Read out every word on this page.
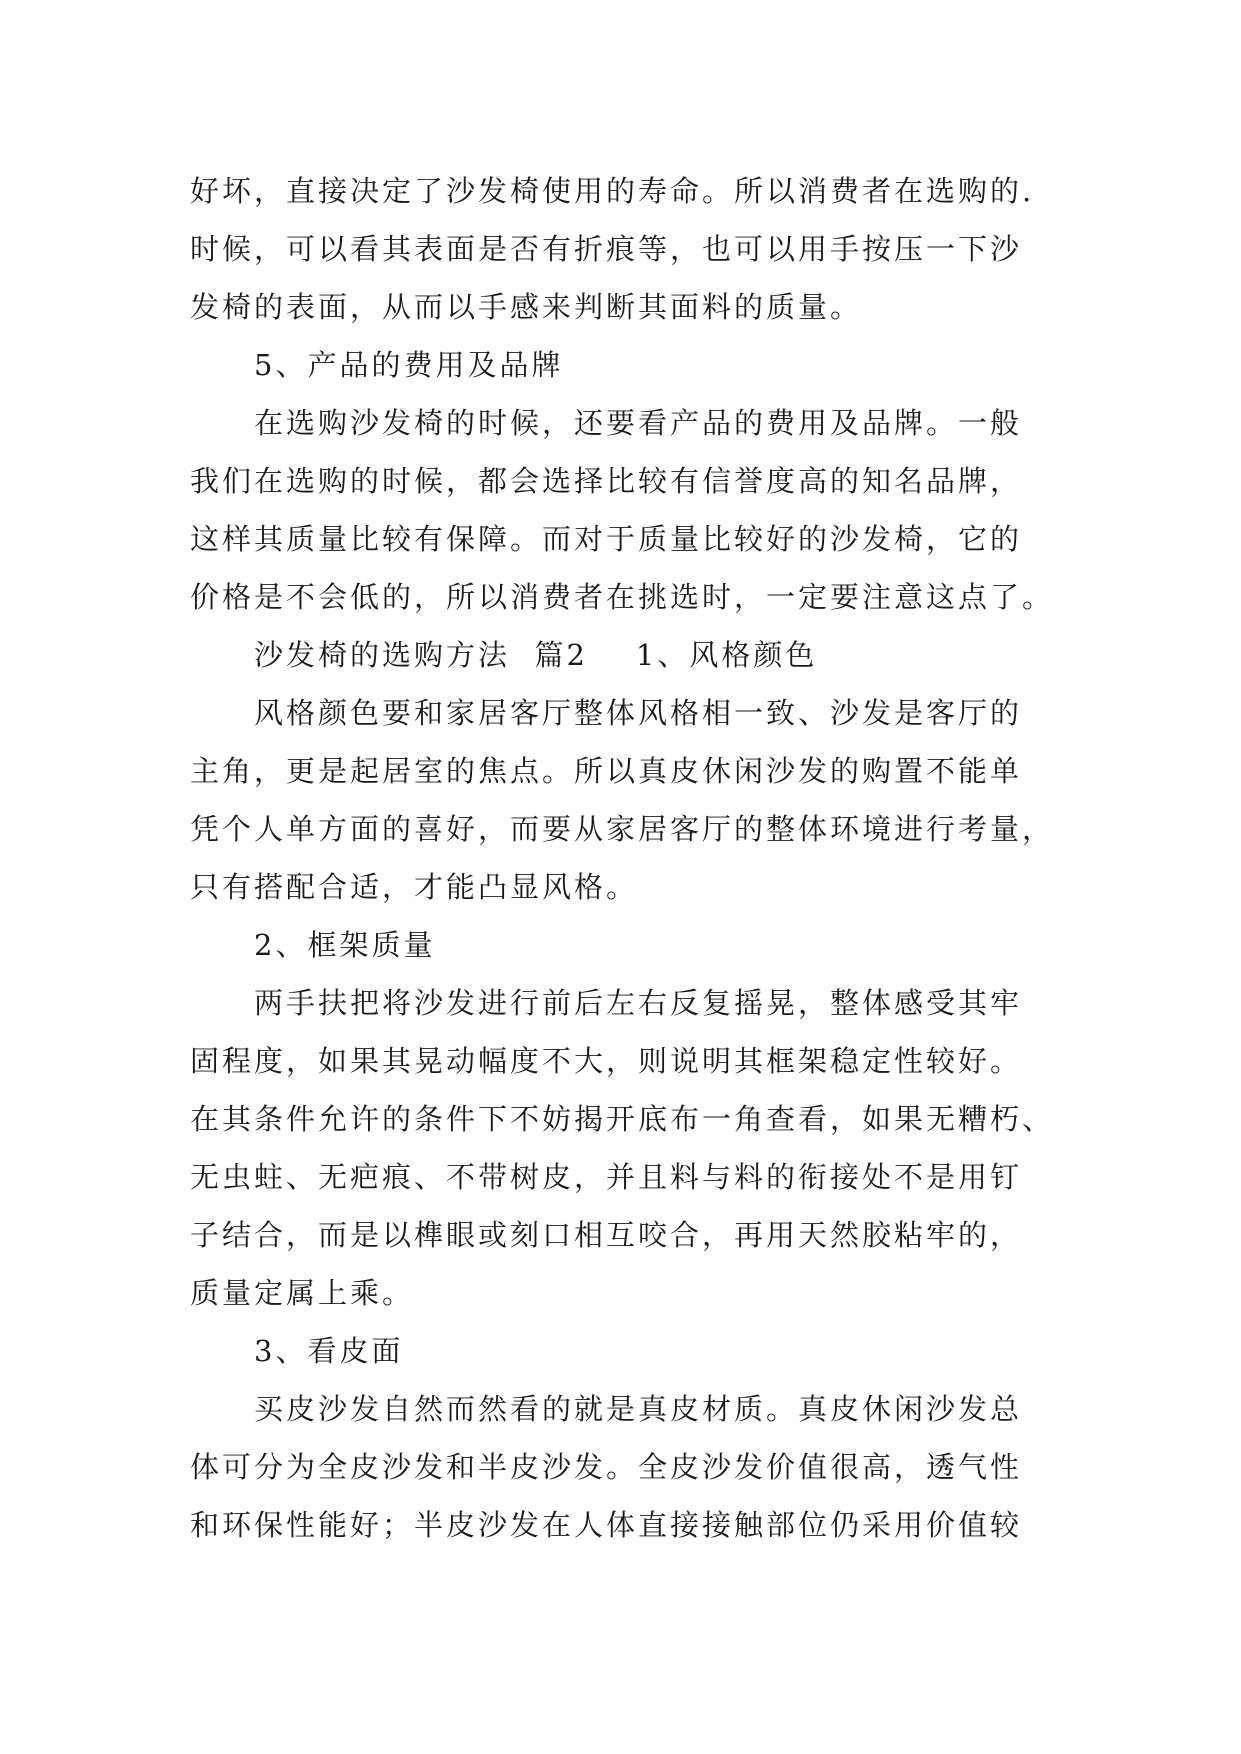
好坏，直接决定了沙发椅使用的寿命。所以消费者在选购的.
时候，可以看其表面是否有折痕等，也可以用手按压一下沙
发椅的表面，从而以手感来判断其面料的质量。
5、产品的费用及品牌
在选购沙发椅的时候，还要看产品的费用及品牌。一般
我们在选购的时候，都会选择比较有信誉度高的知名品牌，
这样其质量比较有保障。而对于质量比较好的沙发椅，它的
价格是不会低的，所以消费者在挑选时，一定要注意这点了。
沙发椅的选购方法 篇2 1、风格颜色
风格颜色要和家居客厅整体风格相一致、沙发是客厅的
主角，更是起居室的焦点。所以真皮休闲沙发的购置不能单
凭个人单方面的喜好，而要从家居客厅的整体环境进行考量，
只有搭配合适，才能凸显风格。
2、框架质量
两手扶把将沙发进行前后左右反复摇晃，整体感受其牢
固程度，如果其晃动幅度不大，则说明其框架稳定性较好。
在其条件允许的条件下不妨揭开底布一角查看，如果无糟朽、
无虫蛀、无疤痕、不带树皮，并且料与料的衔接处不是用钉
子结合，而是以榫眼或刻口相互咬合，再用天然胶粘牢的，
质量定属上乘。
3、看皮面
买皮沙发自然而然看的就是真皮材质。真皮休闲沙发总
体可分为全皮沙发和半皮沙发。全皮沙发价值很高，透气性
和环保性能好；半皮沙发在人体直接接触部位仍采用价值较
